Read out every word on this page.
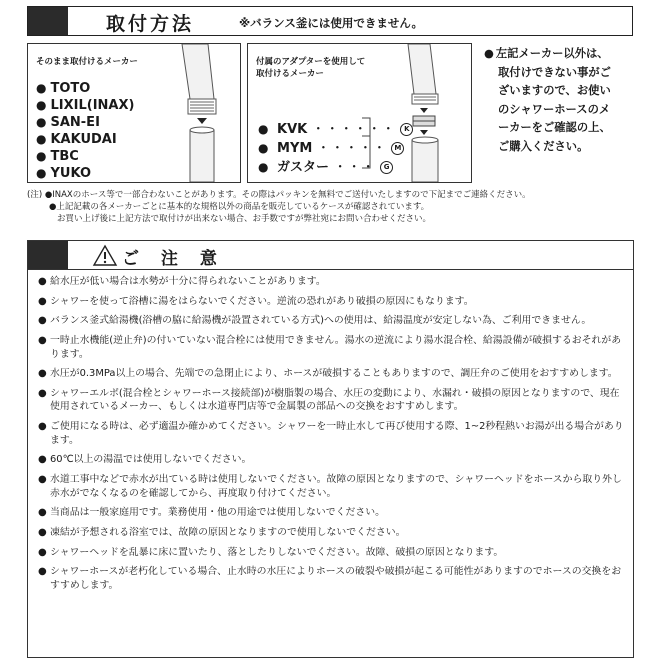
取付方法	※バランス釜には使用できません。
そのまま取付けるメーカー
● TOTO
● LIXIL(INAX)
● SAN-EI
● KAKUDAI
● TBC
● YUKO
付属のアダプターを使用して
取付けるメーカー
● KVK ・・・・・・ K
● MYM ・・・・・ M
● ガスター ・・・ G
● 左記メーカー以外は、
取付けできない事がご
ざいますので、お使い
のシャワーホースのメ
ーカーをご確認の上、
ご購入ください。
(注) ●INAXのホース等で一部合わないことがあります。その際はパッキンを無料でご送付いたしますので下記までご連絡ください。
●上記記載の各メーカーごとに基本的な規格以外の商品を販売しているケースが確認されています。
お買い上げ後に上記方法で取付けが出来ない場合、お手数ですが弊社宛にお問い合わせください。
ご 注 意
● 給水圧が低い場合は水勢が十分に得られないことがあります。
● シャワーを使って浴槽に湯をはらないでください。逆流の恐れがあり破損の原因にもなります。
● バランス釜式給湯機(浴槽の脇に給湯機が設置されている方式)への使用は、給湯温度が安定しない為、ご利用できません。
● 一時止水機能(逆止弁)の付いていない混合栓には使用できません。湯水の逆流により湯水混合栓、給湯設備が破損するおそれがあります。
● 水圧が0.3MPa以上の場合、先端での急閉止により、ホースが破損することもありますので、調圧弁のご使用をおすすめします。
● シャワーエルボ(混合栓とシャワーホース接続部)が樹脂製の場合、水圧の変動により、水漏れ・破損の原因となりますので、現在使用されているメーカー、もしくは水道専門店等で金属製の部品への交換をおすすめします。
● ご使用になる時は、必ず適温か確かめてください。シャワーを一時止水して再び使用する際、1~2秒程熱いお湯が出る場合があります。
● 60℃以上の湯温では使用しないでください。
● 水道工事中などで赤水が出ている時は使用しないでください。故障の原因となりますので、シャワーヘッドをホースから取り外し赤水がでなくなるのを確認してから、再度取り付けてください。
● 当商品は一般家庭用です。業務使用・他の用途では使用しないでください。
● 凍結が予想される浴室では、故障の原因となりますので使用しないでください。
● シャワーヘッドを乱暴に床に置いたり、落としたりしないでください。故障、破損の原因となります。
● シャワーホースが老朽化している場合、止水時の水圧によりホースの破裂や破損が起こる可能性がありますのでホースの交換をおすすめします。
